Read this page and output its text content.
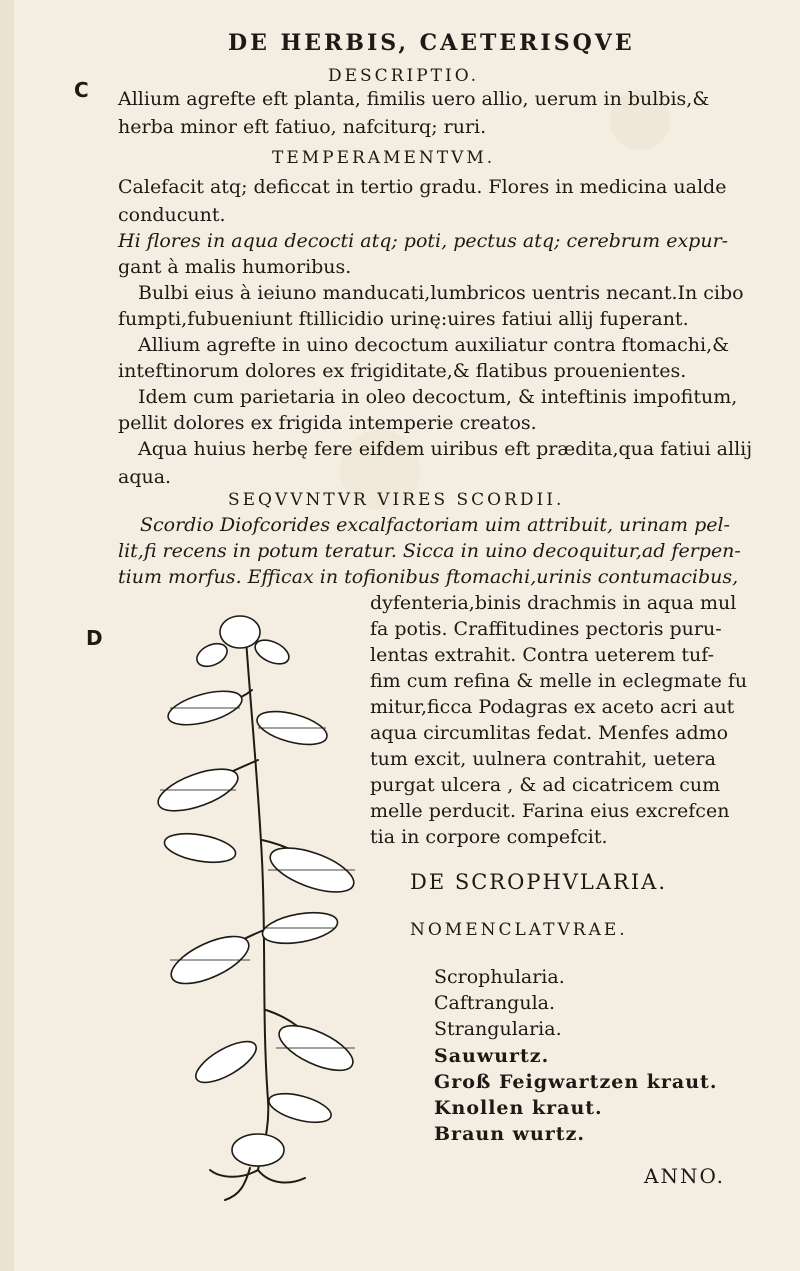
DE HERBIS, CAETERISQVE
C
D
DESCRIPTIO.
Allium agrefte eft planta, fimilis uero allio, uerum in bulbis,&
herba minor eft fatiuo, nafciturq; ruri.
TEMPERAMENTVM.
Calefacit atq; deficcat in tertio gradu. Flores in medicina ualde
conducunt.
Hi flores in aqua decocti atq; poti, pectus atq; cerebrum expur-
gant à malis humoribus.
Bulbi eius à ieiuno manducati,lumbricos uentris necant.In cibo
fumpti,fubueniunt ftillicidio urinę:uires fatiui allij fuperant.
Allium agrefte in uino decoctum auxiliatur contra ftomachi,&
inteftinorum dolores ex frigiditate,& flatibus prouenientes.
Idem cum parietaria in oleo decoctum, & inteftinis impofitum,
pellit dolores ex frigida intemperie creatos.
Aqua huius herbę fere eifdem uiribus eft prædita,qua fatiui allij
aqua.
SEQVVNTVR VIRES SCORDII.
Scordio Diofcorides excalfactoriam uim attribuit, urinam pel-
lit,fi recens in potum teratur. Sicca in uino decoquitur,ad ferpen-
tium morfus. Efficax in tofionibus ftomachi,urinis contumacibus,
dyfenteria,binis drachmis in aqua mul
fa potis. Craffitudines pectoris puru-
lentas extrahit. Contra ueterem tuf-
fim cum refina & melle in eclegmate fu
mitur,ficca Podagras ex aceto acri aut
aqua circumlitas fedat. Menfes admo
tum excit, uulnera contrahit, uetera
purgat ulcera , & ad cicatricem cum
melle perducit. Farina eius excrefcen
tia in corpore compefcit.
DE SCROPHVLARIA.
NOMENCLATVRAE.
Scrophularia.
Caftrangula.
Strangularia.
Sauwurtz.
Groß Feigwartzen kraut.
Knollen kraut.
Braun wurtz.
ANNO.
